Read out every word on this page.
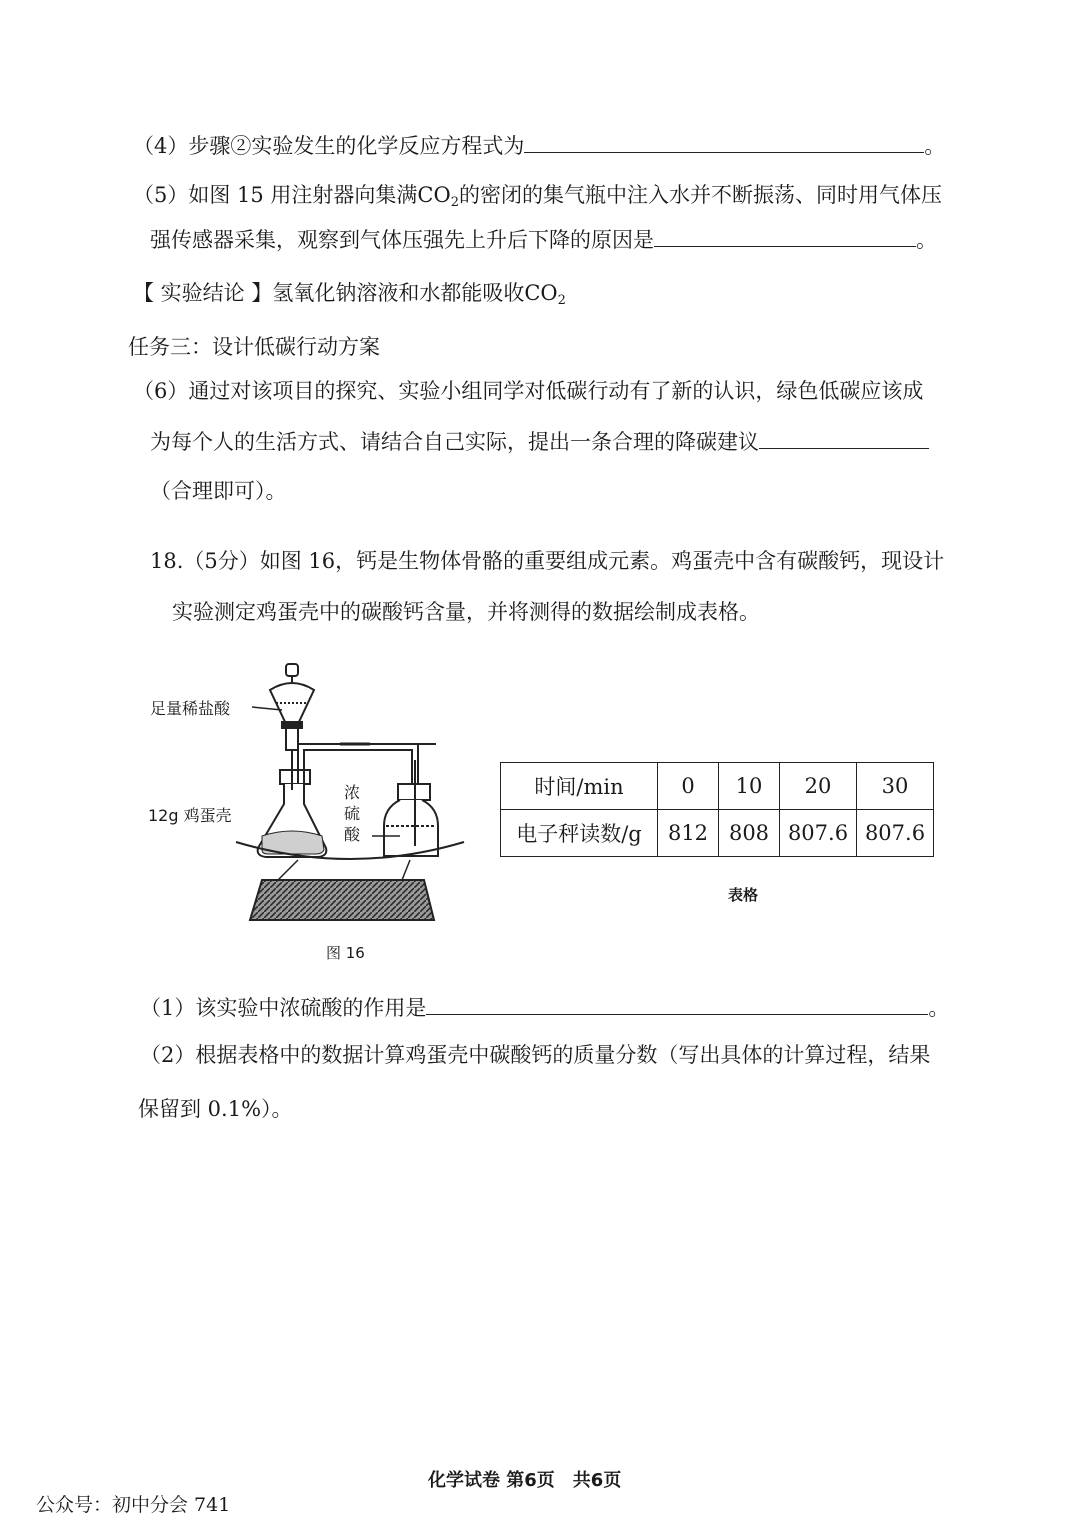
（4）步骤②实验发生的化学反应方程式为	。
（5）如图 15 用注射器向集满$CO_2$的密闭的集气瓶中注入水并不断振荡、同时用气体压
强传感器采集，观察到气体压强先上升后下降的原因是	。
【 实验结论 】氢氧化钠溶液和水都能吸收$CO_2$
任务三：设计低碳行动方案
（6）通过对该项目的探究、实验小组同学对低碳行动有了新的认识，绿色低碳应该成
为每个人的生活方式、请结合自己实际，提出一条合理的降碳建议
（合理即可）。
18.（5分）如图 16，钙是生物体骨骼的重要组成元素。鸡蛋壳中含有碳酸钙，现设计
实验测定鸡蛋壳中的碳酸钙含量，并将测得的数据绘制成表格。
足量稀盐酸
12g 鸡蛋壳
浓
硫
酸
图 16
时间/min	0	10	20	30
电子秤读数/g	812	808	807.6	807.6
表格
（1）该实验中浓硫酸的作用是	。
（2）根据表格中的数据计算鸡蛋壳中碳酸钙的质量分数（写出具体的计算过程，结果
保留到 0.1%）。
化学试卷 第6页　共6页
公众号：初中分会 741
